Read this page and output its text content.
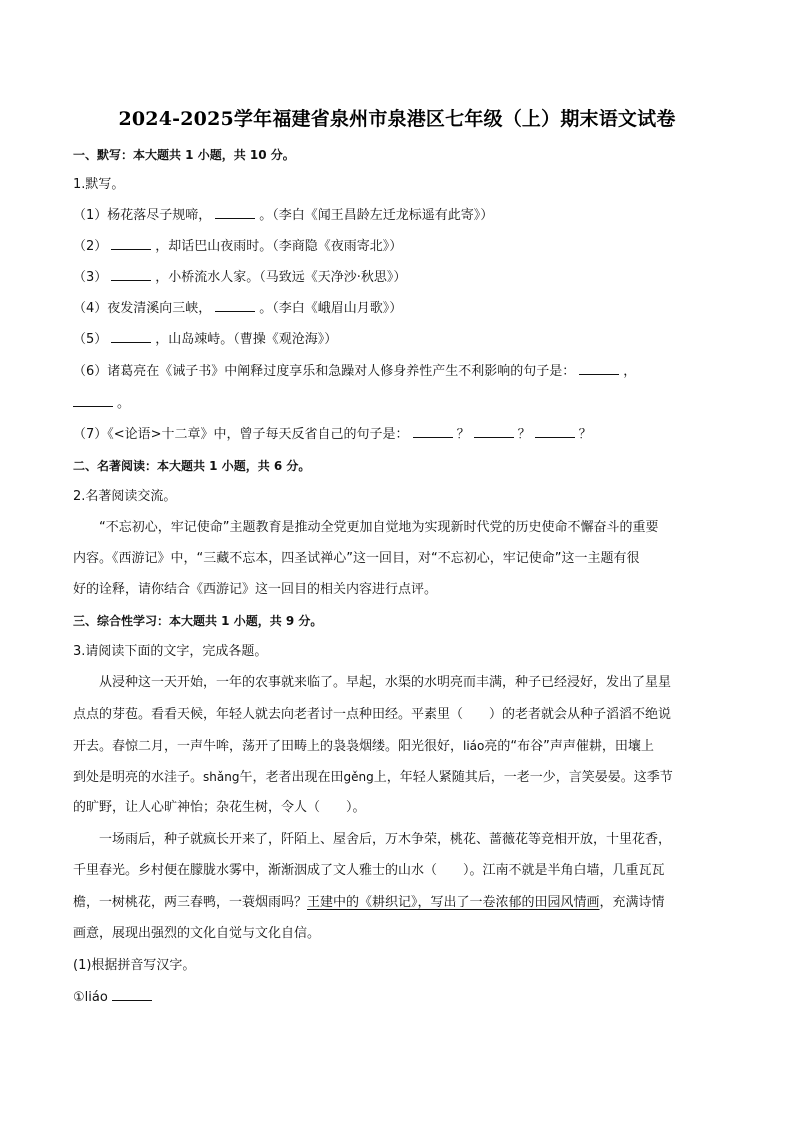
2024-2025学年福建省泉州市泉港区七年级（上）期末语文试卷
一、默写：本大题共 1 小题，共 10 分。
1.默写。
（1）杨花落尽子规啼，	。（李白《闻王昌龄左迁龙标遥有此寄》）
（2）	，却话巴山夜雨时。（李商隐《夜雨寄北》）
（3）	，小桥流水人家。（马致远《天净沙·秋思》）
（4）夜发清溪向三峡，	。（李白《峨眉山月歌》）
（5）	，山岛竦峙。（曹操《观沧海》）
（6）诸葛亮在《诫子书》中阐释过度享乐和急躁对人修身养性产生不利影响的句子是：	，
。
（7）《<论语>十二章》中，曾子每天反省自己的句子是：	？	？	？
二、名著阅读：本大题共 1 小题，共 6 分。
2.名著阅读交流。
“不忘初心，牢记使命”主题教育是推动全党更加自觉地为实现新时代党的历史使命不懈奋斗的重要
内容。《西游记》中，“三藏不忘本，四圣试禅心”这一回目，对“不忘初心，牢记使命”这一主题有很
好的诠释，请你结合《西游记》这一回目的相关内容进行点评。
三、综合性学习：本大题共 1 小题，共 9 分。
3.请阅读下面的文字，完成各题。
从浸种这一天开始，一年的农事就来临了。早起，水渠的水明亮而丰满，种子已经浸好，发出了星星
点点的芽苞。看看天候，年轻人就去向老者讨一点种田经。平素里（　　）的老者就会从种子滔滔不绝说
开去。春惊二月，一声牛哞，荡开了田畴上的袅袅烟缕。阳光很好，liáo亮的“布谷”声声催耕，田壤上
到处是明亮的水洼子。shǎng午，老者出现在田gěng上，年轻人紧随其后，一老一少，言笑晏晏。这季节
的旷野，让人心旷神怡；杂花生树，令人（　　）。
一场雨后，种子就疯长开来了，阡陌上、屋舍后，万木争荣，桃花、蔷薇花等竞相开放，十里花香，
千里春光。乡村便在朦胧水雾中，渐渐洇成了文人雅士的山水（　　）。江南不就是半角白墙，几重瓦瓦
檐，一树桃花，两三春鸭，一蓑烟雨吗？王建中的《耕织记》，写出了一卷浓郁的田园风情画，充满诗情
画意，展现出强烈的文化自觉与文化自信。
(1)根据拼音写汉字。
①liáo
